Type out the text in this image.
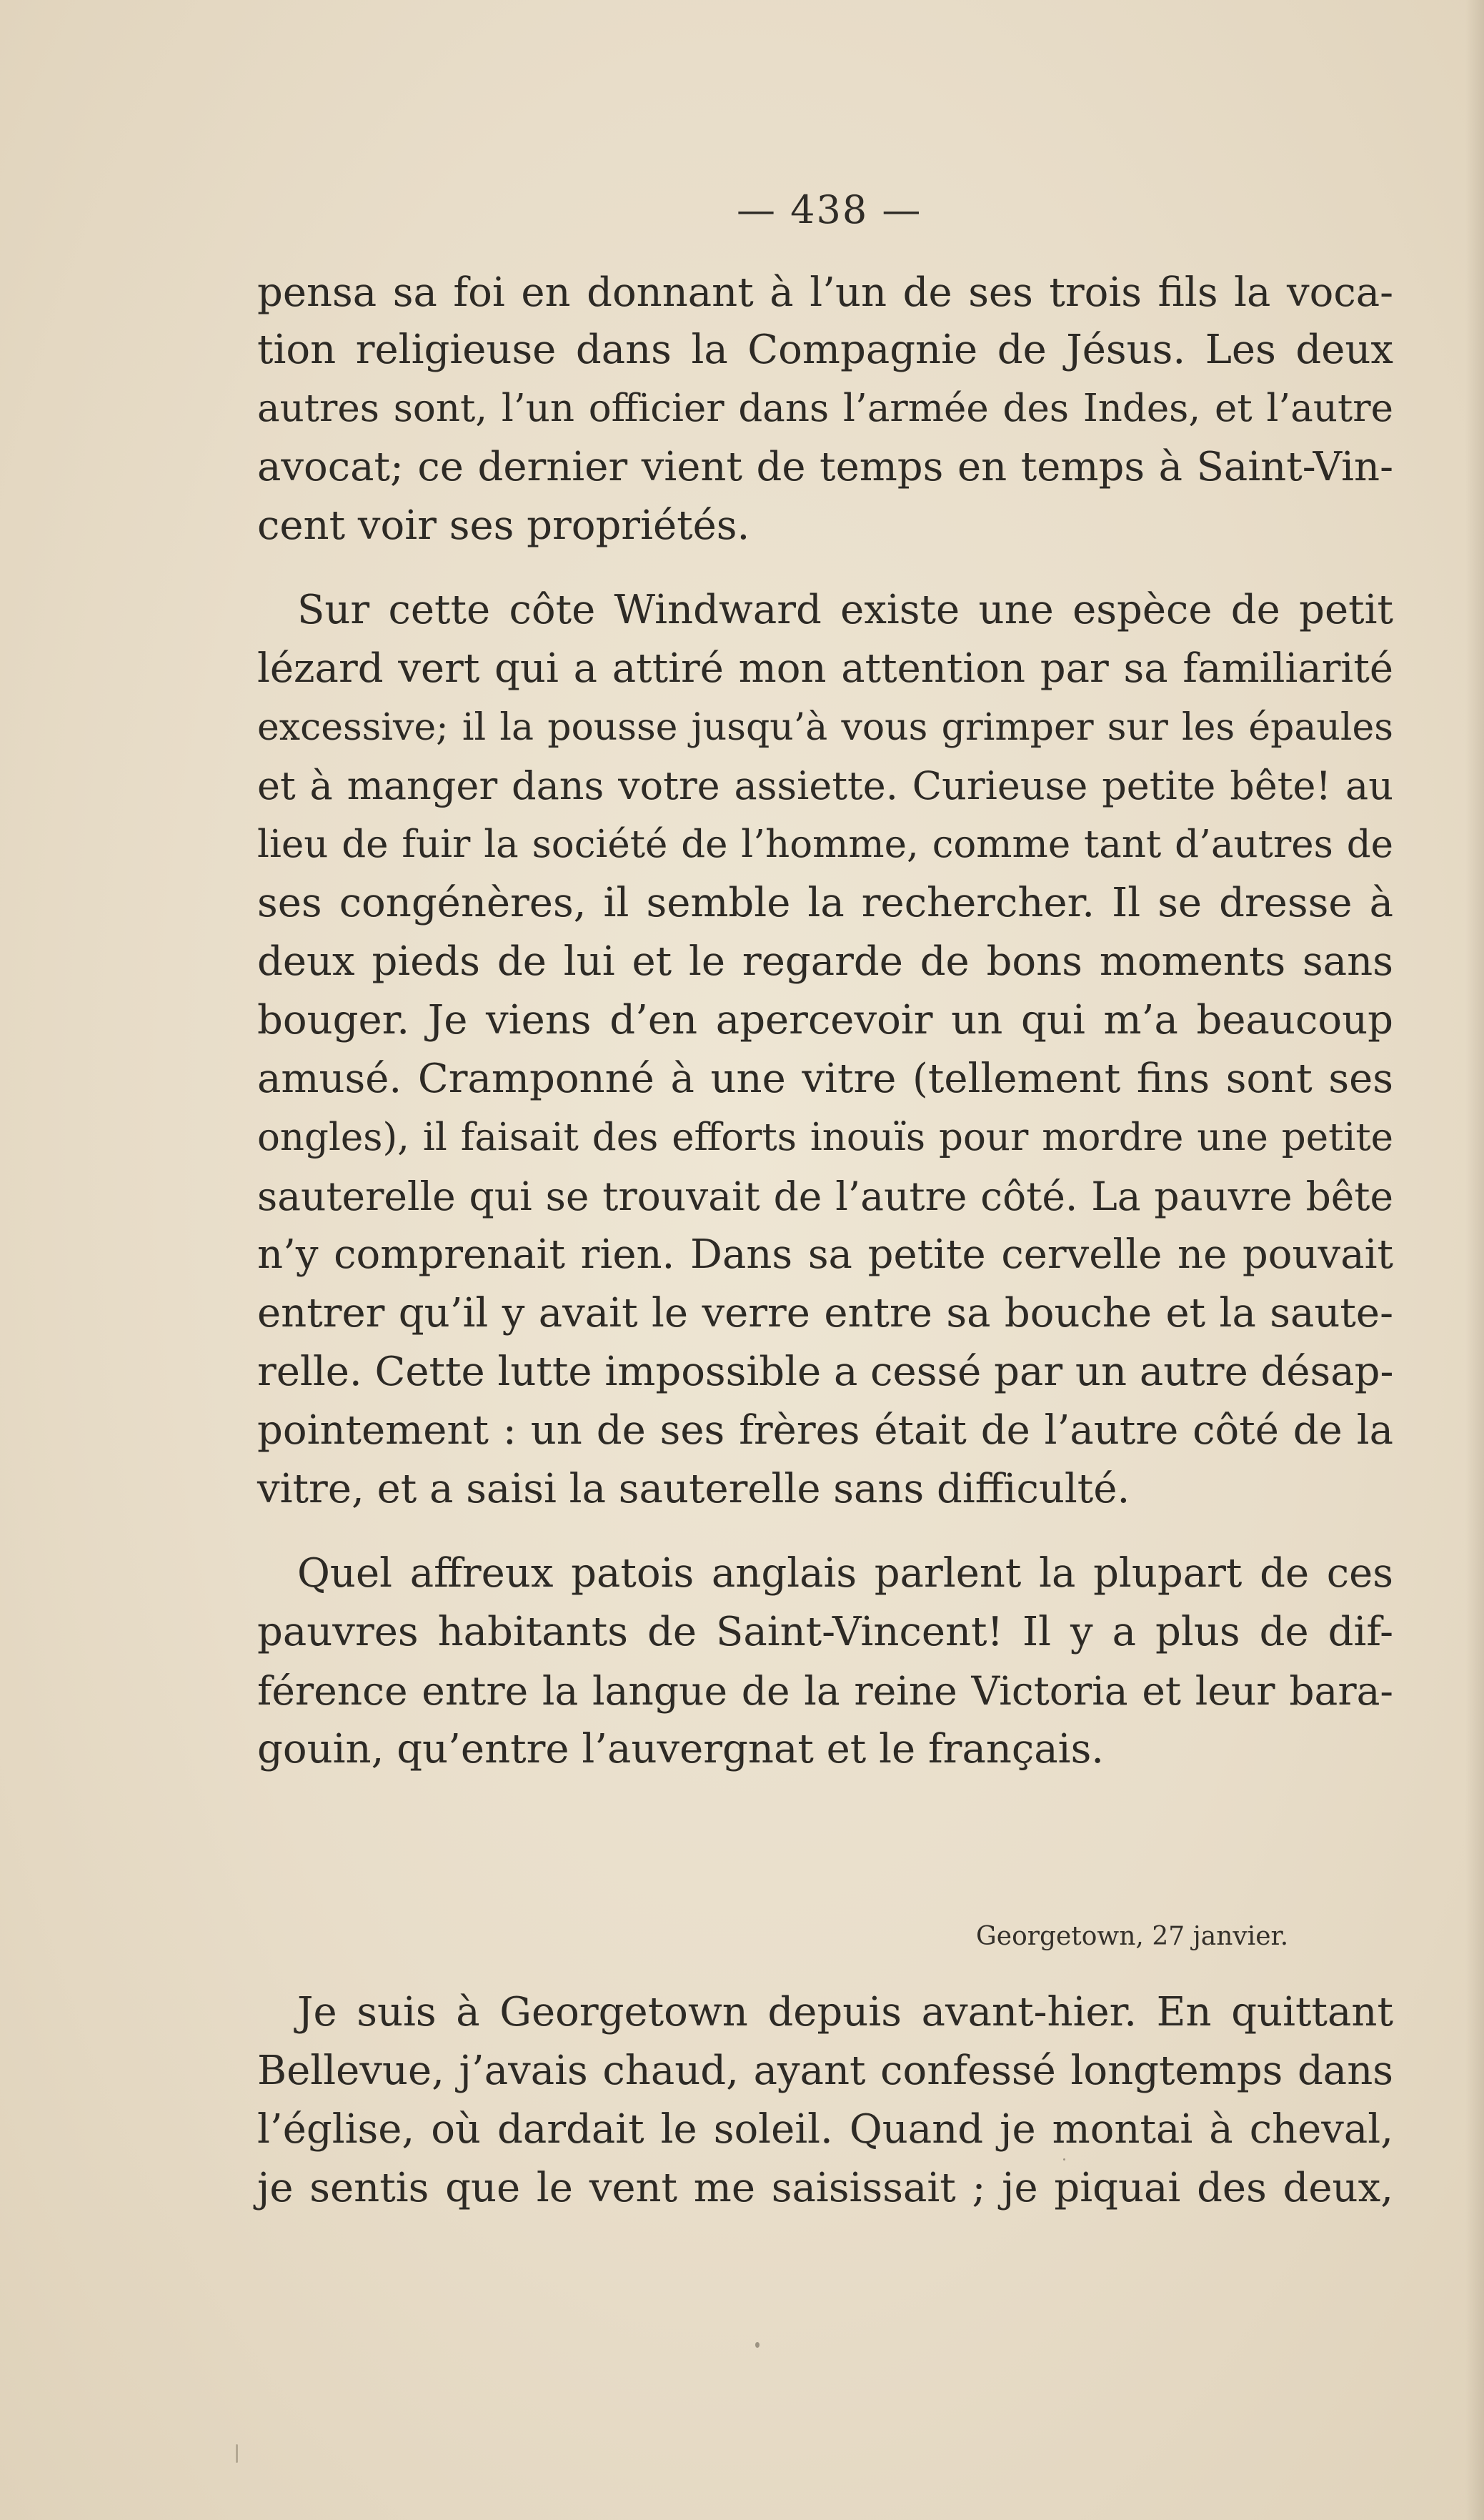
— 438 —
pensa sa foi en donnant à l’un de ses trois fils la voca-
tion religieuse dans la Compagnie de Jésus. Les deux
autres sont, l’un officier dans l’armée des Indes, et l’autre
avocat; ce dernier vient de temps en temps à Saint-Vin-
cent voir ses propriétés.
Sur cette côte Windward existe une espèce de petit
lézard vert qui a attiré mon attention par sa familiarité
excessive; il la pousse jusqu’à vous grimper sur les épaules
et à manger dans votre assiette. Curieuse petite bête! au
lieu de fuir la société de l’homme, comme tant d’autres de
ses congénères, il semble la rechercher. Il se dresse à
deux pieds de lui et le regarde de bons moments sans
bouger. Je viens d’en apercevoir un qui m’a beaucoup
amusé. Cramponné à une vitre (tellement fins sont ses
ongles), il faisait des efforts inouïs pour mordre une petite
sauterelle qui se trouvait de l’autre côté. La pauvre bête
n’y comprenait rien. Dans sa petite cervelle ne pouvait
entrer qu’il y avait le verre entre sa bouche et la saute-
relle. Cette lutte impossible a cessé par un autre désap-
pointement : un de ses frères était de l’autre côté de la
vitre, et a saisi la sauterelle sans difficulté.
Quel affreux patois anglais parlent la plupart de ces
pauvres habitants de Saint-Vincent! Il y a plus de dif-
férence entre la langue de la reine Victoria et leur bara-
gouin, qu’entre l’auvergnat et le français.
Georgetown, 27 janvier.
Je suis à Georgetown depuis avant-hier. En quittant
Bellevue, j’avais chaud, ayant confessé longtemps dans
l’église, où dardait le soleil. Quand je montai à cheval,
je sentis que le vent me saisissait ; je piquai des deux,
